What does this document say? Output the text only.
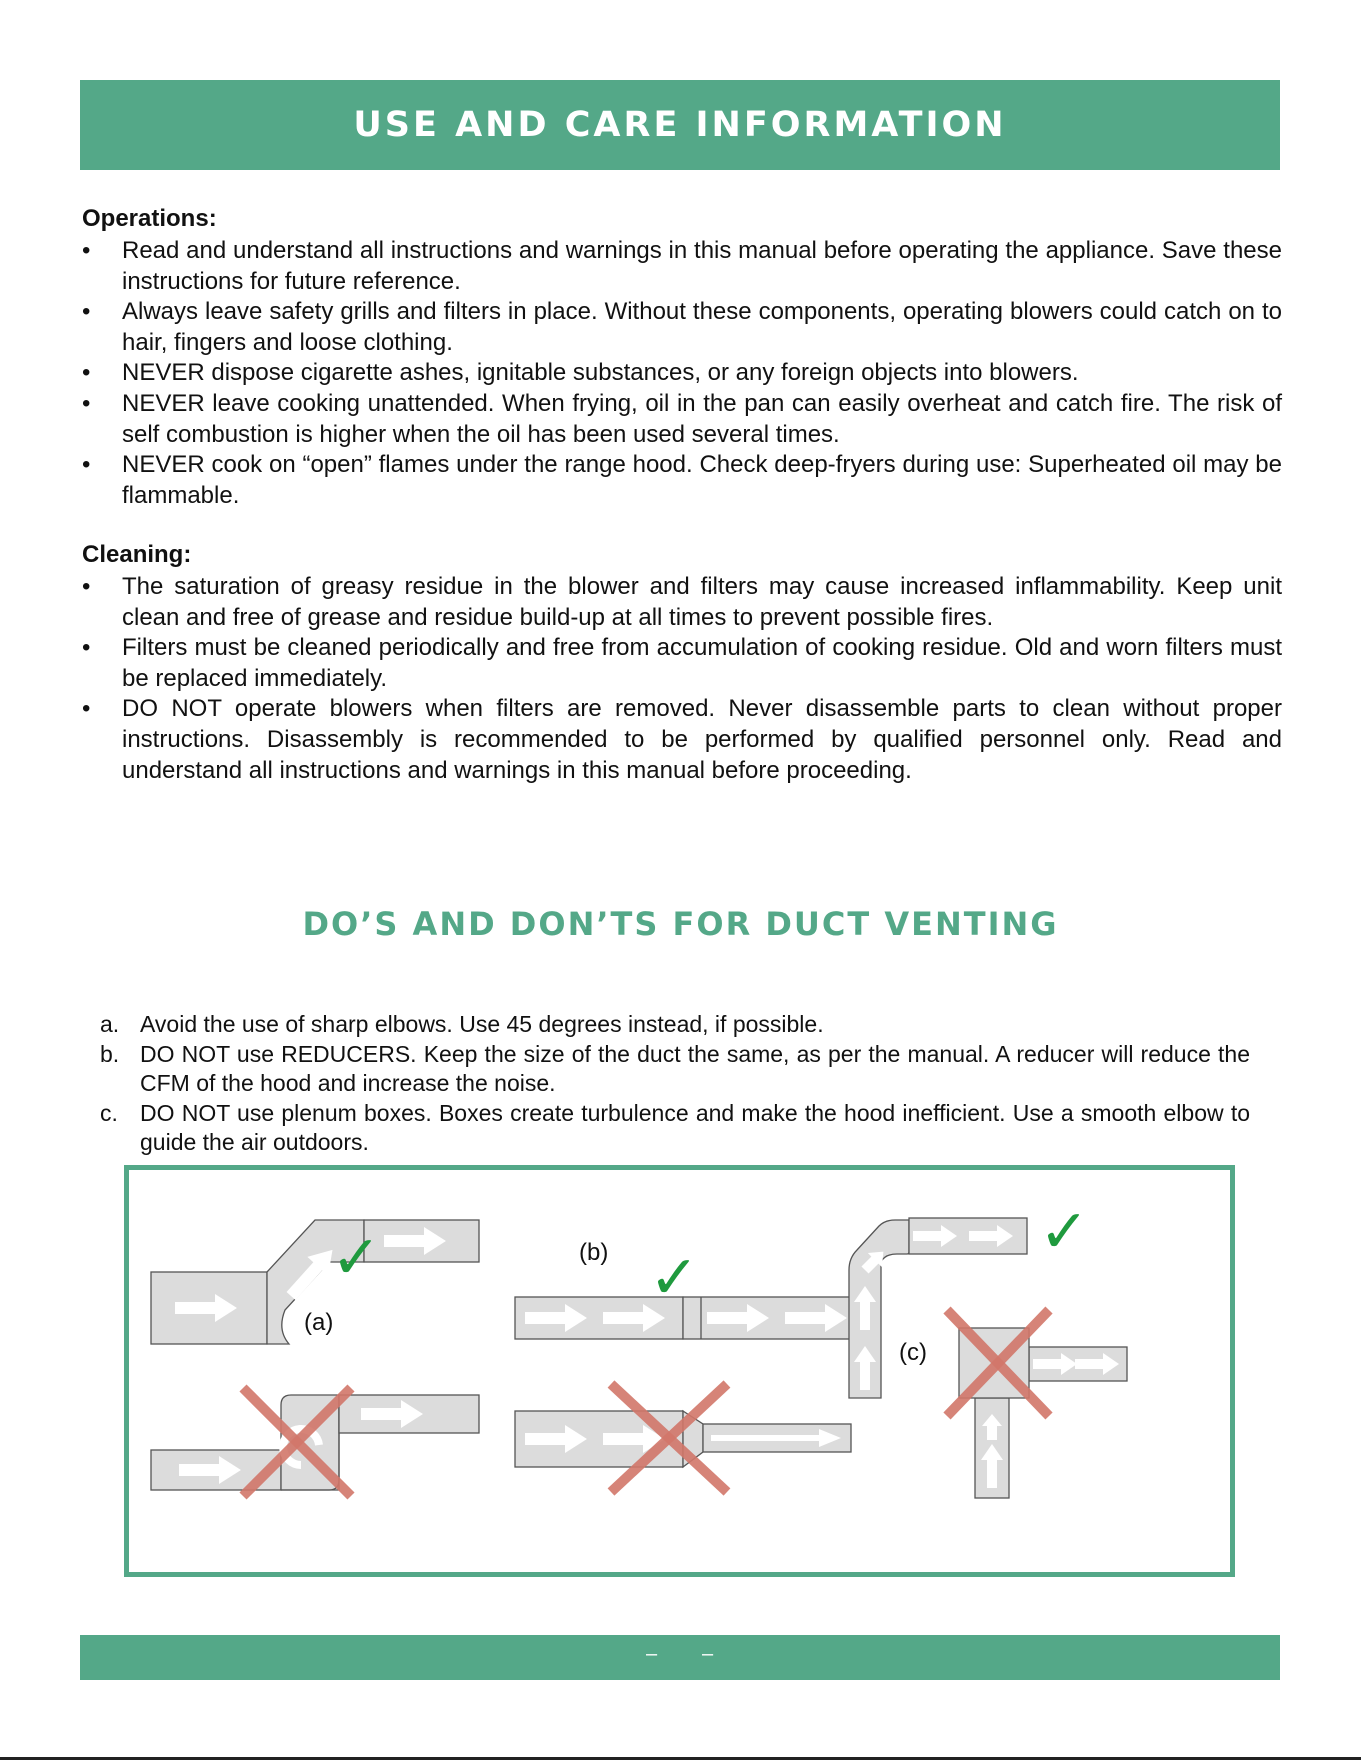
USE AND CARE INFORMATION
Operations:
• Read and understand all instructions and warnings in this manual before operating the appliance. Save these instructions for future reference.
• Always leave safety grills and filters in place. Without these components, operating blowers could catch on to hair, fingers and loose clothing.
• NEVER dispose cigarette ashes, ignitable substances, or any foreign objects into blowers.
• NEVER leave cooking unattended. When frying, oil in the pan can easily overheat and catch fire. The risk of self combustion is higher when the oil has been used several times.
• NEVER cook on “open” flames under the range hood. Check deep-fryers during use: Superheated oil may be flammable.
Cleaning:
• The saturation of greasy residue in the blower and filters may cause increased inflammability. Keep unit clean and free of grease and residue build-up at all times to prevent possible fires.
• Filters must be cleaned periodically and free from accumulation of cooking residue. Old and worn filters must be replaced immediately.
• DO NOT operate blowers when filters are removed. Never disassemble parts to clean without proper instructions. Disassembly is recommended to be performed by qualified personnel only. Read and understand all instructions and warnings in this manual before proceeding.
DO’S AND DON’TS FOR DUCT VENTING
a. Avoid the use of sharp elbows. Use 45 degrees instead, if possible.
b. DO NOT use REDUCERS. Keep the size of the duct the same, as per the manual. A reducer will reduce the CFM of the hood and increase the noise.
c. DO NOT use plenum boxes. Boxes create turbulence and make the hood inefficient. Use a smooth elbow to guide the air outdoors.
✓
(a)
(b) ✓
✓
(c)
– –
